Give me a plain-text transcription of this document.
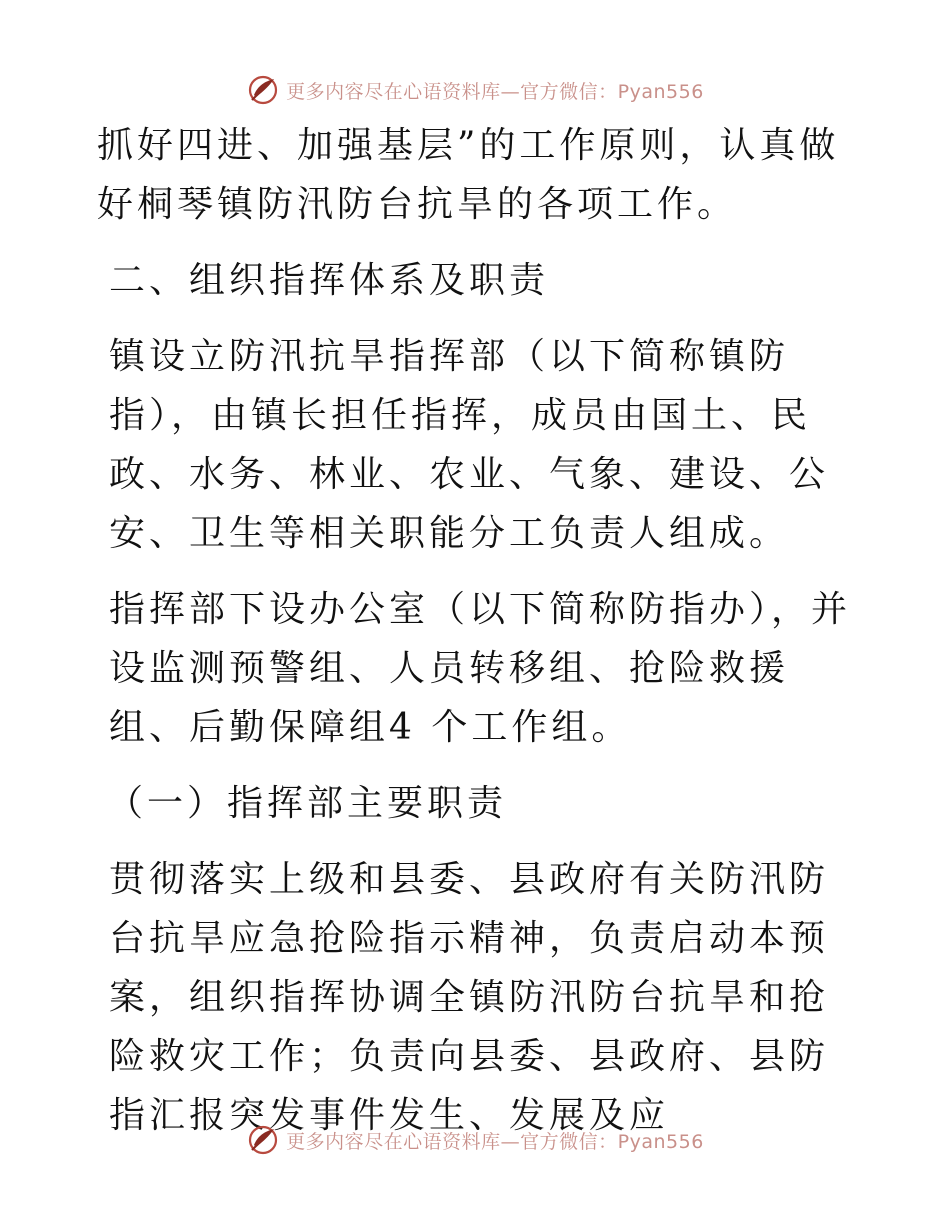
更多内容尽在心语资料库—官方微信：Pyan556

抓好四进、加强基层”的工作原则，认真做好桐琴镇防汛防台抗旱的各项工作。

二、组织指挥体系及职责

镇设立防汛抗旱指挥部（以下简称镇防指），由镇长担任指挥，成员由国土、民政、水务、林业、农业、气象、建设、公安、卫生等相关职能分工负责人组成。

指挥部下设办公室（以下简称防指办），并设监测预警组、人员转移组、抢险救援组、后勤保障组4 个工作组。

（一）指挥部主要职责

贯彻落实上级和县委、县政府有关防汛防台抗旱应急抢险指示精神，负责启动本预案，组织指挥协调全镇防汛防台抗旱和抢险救灾工作；负责向县委、县政府、县防指汇报突发事件发生、发展及应

更多内容尽在心语资料库—官方微信：Pyan556
